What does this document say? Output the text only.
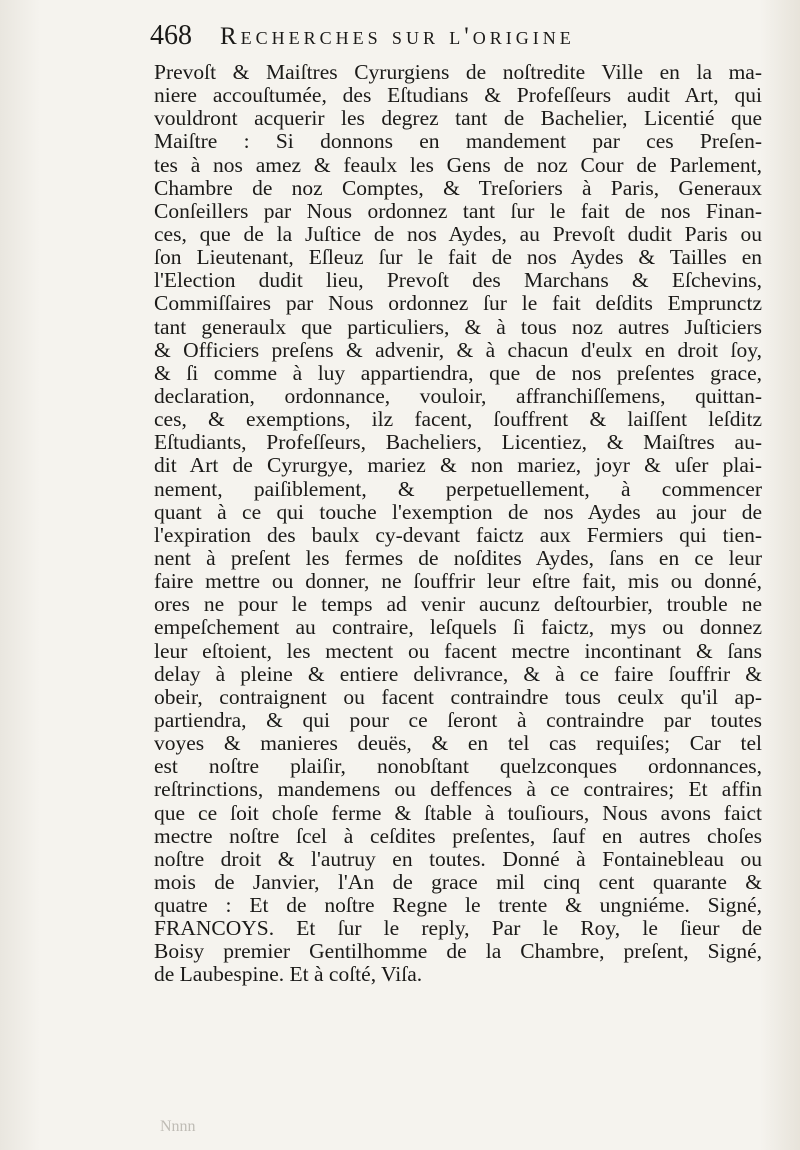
468 Recherches sur l'origine
Prevoſt & Maiſtres Cyrurgiens de noſtredite Ville en la ma-
niere accouſtumée, des Eſtudians & Profeſſeurs audit Art, qui
vouldront acquerir les degrez tant de Bachelier, Licentié que
Maiſtre : Si donnons en mandement par ces Preſen-
tes à nos amez & feaulx les Gens de noz Cour de Parlement,
Chambre de noz Comptes, & Treſoriers à Paris, Generaux
Conſeillers par Nous ordonnez tant ſur le fait de nos Finan-
ces, que de la Juſtice de nos Aydes, au Prevoſt dudit Paris ou
ſon Lieutenant, Eſleuz ſur le fait de nos Aydes & Tailles en
l'Election dudit lieu, Prevoſt des Marchans & Eſchevins,
Commiſſaires par Nous ordonnez ſur le fait deſdits Emprunctz
tant generaulx que particuliers, & à tous noz autres Juſticiers
& Officiers preſens & advenir, & à chacun d'eulx en droit ſoy,
& ſi comme à luy appartiendra, que de nos preſentes grace,
declaration, ordonnance, vouloir, affranchiſſemens, quittan-
ces, & exemptions, ilz facent, ſouffrent & laiſſent leſditz
Eſtudiants, Profeſſeurs, Bacheliers, Licentiez, & Maiſtres au-
dit Art de Cyrurgye, mariez & non mariez, joyr & uſer plai-
nement, paiſiblement, & perpetuellement, à commencer
quant à ce qui touche l'exemption de nos Aydes au jour de
l'expiration des baulx cy-devant faictz aux Fermiers qui tien-
nent à preſent les fermes de noſdites Aydes, ſans en ce leur
faire mettre ou donner, ne ſouffrir leur eſtre fait, mis ou donné,
ores ne pour le temps ad venir aucunz deſtourbier, trouble ne
empeſchement au contraire, leſquels ſi faictz, mys ou donnez
leur eſtoient, les mectent ou facent mectre incontinant & ſans
delay à pleine & entiere delivrance, & à ce faire ſouffrir &
obeir, contraignent ou facent contraindre tous ceulx qu'il ap-
partiendra, & qui pour ce ſeront à contraindre par toutes
voyes & manieres deuës, & en tel cas requiſes; Car tel
est noſtre plaiſir, nonobſtant quelzconques ordonnances,
reſtrinctions, mandemens ou deffences à ce contraires; Et affin
que ce ſoit choſe ferme & ſtable à touſiours, Nous avons faict
mectre noſtre ſcel à ceſdites preſentes, ſauf en autres choſes
noſtre droit & l'autruy en toutes. Donné à Fontainebleau ou
mois de Janvier, l'An de grace mil cinq cent quarante &
quatre : Et de noſtre Regne le trente & ungniéme. Signé,
FRANCOYS. Et ſur le reply, Par le Roy, le ſieur de
Boisy premier Gentilhomme de la Chambre, preſent, Signé,
de Laubespine. Et à coſté, Viſa.
Nnnn
